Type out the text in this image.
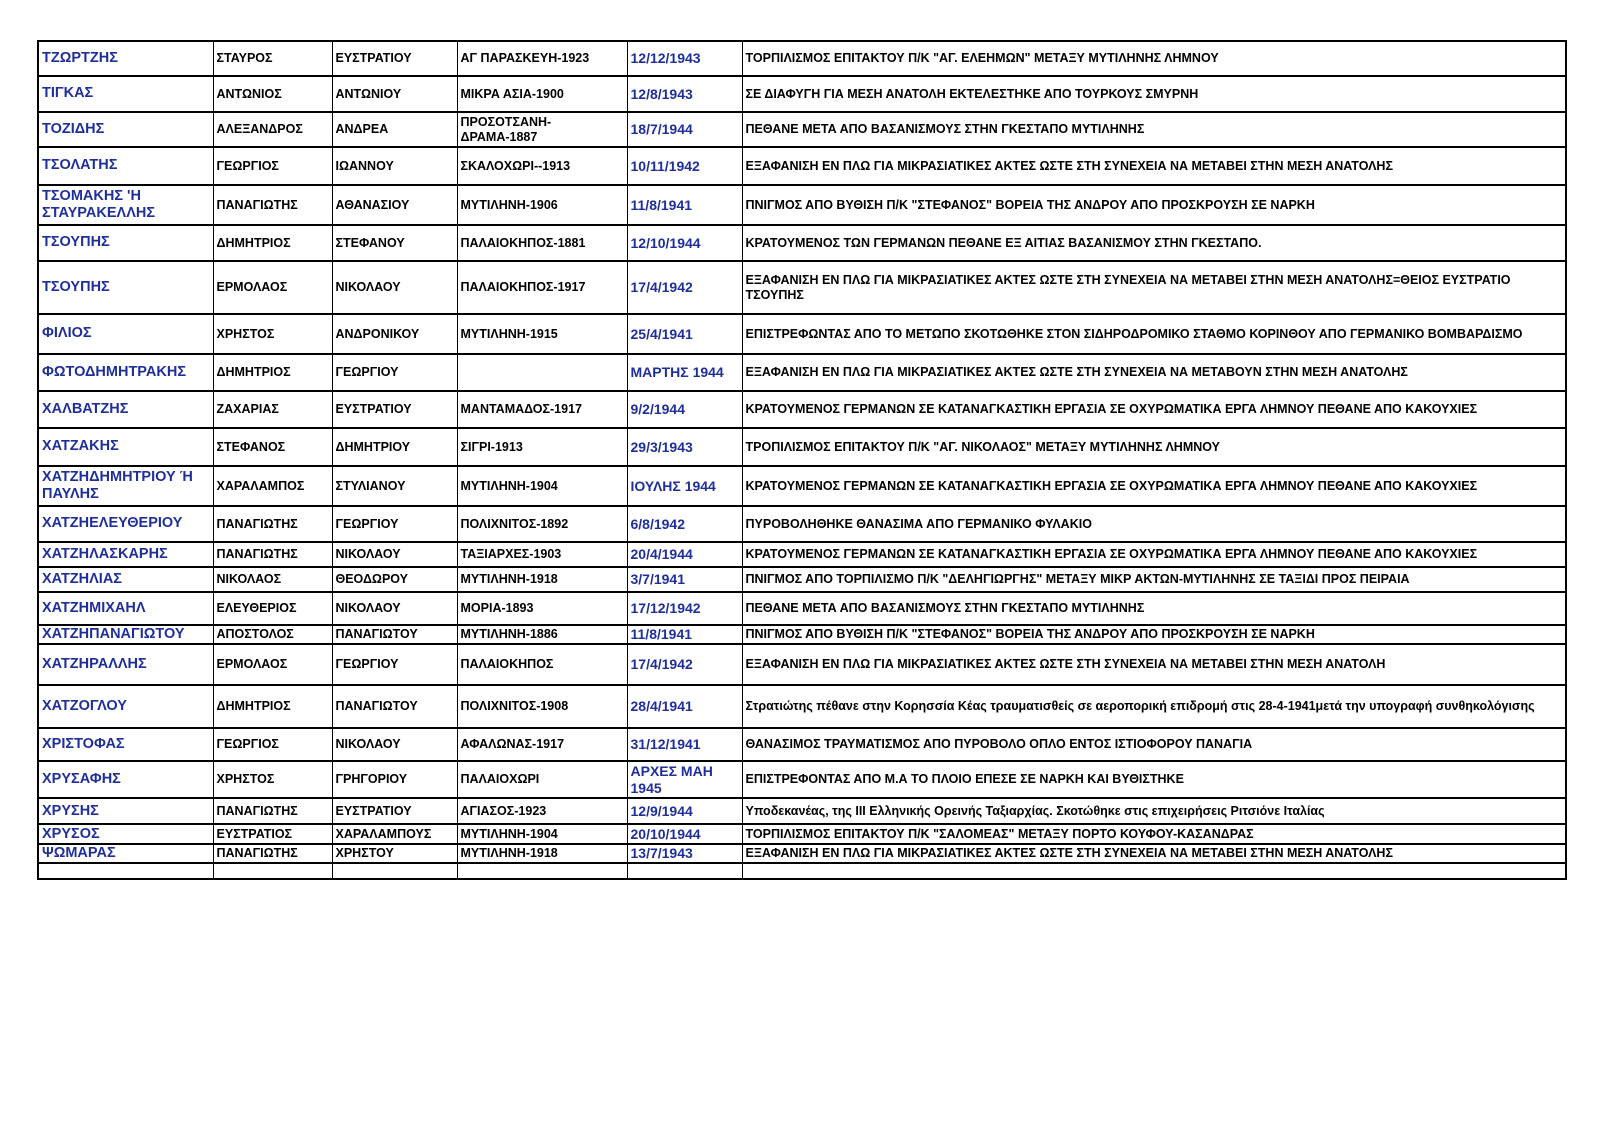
ΤΖΩΡΤΖΗΣ	ΣΤΑΥΡΟΣ	ΕΥΣΤΡΑΤΙΟΥ	ΑΓ ΠΑΡΑΣΚΕΥΗ-1923	12/12/1943	ΤΟΡΠΙΛΙΣΜΟΣ ΕΠΙΤΑΚΤΟΥ Π/Κ "ΑΓ. ΕΛΕΗΜΩΝ" ΜΕΤΑΞΥ ΜΥΤΙΛΗΝΗΣ ΛΗΜΝΟΥ
ΤΙΓΚΑΣ	ΑΝΤΩΝΙΟΣ	ΑΝΤΩΝΙΟΥ	ΜΙΚΡΑ ΑΣΙΑ-1900	12/8/1943	ΣΕ ΔΙΑΦΥΓΗ ΓΙΑ ΜΕΣΗ ΑΝΑΤΟΛΗ ΕΚΤΕΛΕΣΤΗΚΕ ΑΠΟ ΤΟΥΡΚΟΥΣ ΣΜΥΡΝΗ
ΤΟΖΙΔΗΣ	ΑΛΕΞΑΝΔΡΟΣ	ΑΝΔΡΕΑ	ΠΡΟΣΟΤΣΑΝΗ-ΔΡΑΜΑ-1887	18/7/1944	ΠΕΘΑΝΕ ΜΕΤΑ ΑΠΟ ΒΑΣΑΝΙΣΜΟΥΣ ΣΤΗΝ ΓΚΕΣΤΑΠΟ ΜΥΤΙΛΗΝΗΣ
ΤΣΟΛΑΤΗΣ	ΓΕΩΡΓΙΟΣ	ΙΩΑΝΝΟΥ	ΣΚΑΛΟΧΩΡΙ--1913	10/11/1942	ΕΞΑΦΑΝΙΣΗ ΕΝ ΠΛΩ ΓΙΑ ΜΙΚΡΑΣΙΑΤΙΚΕΣ ΑΚΤΕΣ ΩΣΤΕ ΣΤΗ ΣΥΝΕΧΕΙΑ ΝΑ ΜΕΤΑΒΕΙ ΣΤΗΝ ΜΕΣΗ ΑΝΑΤΟΛΗΣ
ΤΣΟΜΑΚΗΣ 'Η ΣΤΑΥΡΑΚΕΛΛΗΣ	ΠΑΝΑΓΙΩΤΗΣ	ΑΘΑΝΑΣΙΟΥ	ΜΥΤΙΛΗΝΗ-1906	11/8/1941	ΠΝΙΓΜΟΣ ΑΠΟ ΒΥΘΙΣΗ Π/Κ "ΣΤΕΦΑΝΟΣ" ΒΟΡΕΙΑ ΤΗΣ ΑΝΔΡΟΥ ΑΠΟ ΠΡΟΣΚΡΟΥΣΗ ΣΕ ΝΑΡΚΗ
ΤΣΟΥΠΗΣ	ΔΗΜΗΤΡΙΟΣ	ΣΤΕΦΑΝΟΥ	ΠΑΛΑΙΟΚΗΠΟΣ-1881	12/10/1944	ΚΡΑΤΟΥΜΕΝΟΣ ΤΩΝ ΓΕΡΜΑΝΩΝ ΠΕΘΑΝΕ ΕΞ ΑΙΤΙΑΣ ΒΑΣΑΝΙΣΜΟΥ ΣΤΗΝ ΓΚΕΣΤΑΠΟ.
ΤΣΟΥΠΗΣ	ΕΡΜΟΛΑΟΣ	ΝΙΚΟΛΑΟΥ	ΠΑΛΑΙΟΚΗΠΟΣ-1917	17/4/1942	ΕΞΑΦΑΝΙΣΗ ΕΝ ΠΛΩ ΓΙΑ ΜΙΚΡΑΣΙΑΤΙΚΕΣ ΑΚΤΕΣ ΩΣΤΕ ΣΤΗ ΣΥΝΕΧΕΙΑ ΝΑ ΜΕΤΑΒΕΙ ΣΤΗΝ ΜΕΣΗ ΑΝΑΤΟΛΗΣ=ΘΕΙΟΣ ΕΥΣΤΡΑΤΙΟ ΤΣΟΥΠΗΣ
ΦΙΛΙΟΣ	ΧΡΗΣΤΟΣ	ΑΝΔΡΟΝΙΚΟΥ	ΜΥΤΙΛΗΝΗ-1915	25/4/1941	ΕΠΙΣΤΡΕΦΩΝΤΑΣ ΑΠΟ ΤΟ ΜΕΤΩΠΟ ΣΚΟΤΩΘΗΚΕ ΣΤΟΝ ΣΙΔΗΡΟΔΡΟΜΙΚΟ ΣΤΑΘΜΟ ΚΟΡΙΝΘΟΥ ΑΠΟ ΓΕΡΜΑΝΙΚΟ ΒΟΜΒΑΡΔΙΣΜΟ
ΦΩΤΟΔΗΜΗΤΡΑΚΗΣ	ΔΗΜΗΤΡΙΟΣ	ΓΕΩΡΓΙΟΥ		ΜΑΡΤΗΣ 1944	ΕΞΑΦΑΝΙΣΗ ΕΝ ΠΛΩ ΓΙΑ ΜΙΚΡΑΣΙΑΤΙΚΕΣ ΑΚΤΕΣ ΩΣΤΕ ΣΤΗ ΣΥΝΕΧΕΙΑ ΝΑ ΜΕΤΑΒΟΥΝ ΣΤΗΝ ΜΕΣΗ ΑΝΑΤΟΛΗΣ
ΧΑΛΒΑΤΖΗΣ	ΖΑΧΑΡΙΑΣ	ΕΥΣΤΡΑΤΙΟΥ	ΜΑΝΤΑΜΑΔΟΣ-1917	9/2/1944	ΚΡΑΤΟΥΜΕΝΟΣ ΓΕΡΜΑΝΩΝ ΣΕ ΚΑΤΑΝΑΓΚΑΣΤΙΚΗ ΕΡΓΑΣΙΑ ΣΕ ΟΧΥΡΩΜΑΤΙΚΑ ΕΡΓΑ ΛΗΜΝΟΥ ΠΕΘΑΝΕ ΑΠΟ ΚΑΚΟΥΧΙΕΣ
ΧΑΤΖΑΚΗΣ	ΣΤΕΦΑΝΟΣ	ΔΗΜΗΤΡΙΟΥ	ΣΙΓΡΙ-1913	29/3/1943	ΤΡΟΠΙΛΙΣΜΟΣ ΕΠΙΤΑΚΤΟΥ Π/Κ "ΑΓ. ΝΙΚΟΛΑΟΣ" ΜΕΤΑΞΥ ΜΥΤΙΛΗΝΗΣ ΛΗΜΝΟΥ
ΧΑΤΖΗΔΗΜΗΤΡΙΟΥ Ή ΠΑΥΛΗΣ	ΧΑΡΑΛΑΜΠΟΣ	ΣΤΥΛΙΑΝΟΥ	ΜΥΤΙΛΗΝΗ-1904	ΙΟΥΛΗΣ 1944	ΚΡΑΤΟΥΜΕΝΟΣ ΓΕΡΜΑΝΩΝ ΣΕ ΚΑΤΑΝΑΓΚΑΣΤΙΚΗ ΕΡΓΑΣΙΑ ΣΕ ΟΧΥΡΩΜΑΤΙΚΑ ΕΡΓΑ ΛΗΜΝΟΥ ΠΕΘΑΝΕ ΑΠΟ ΚΑΚΟΥΧΙΕΣ
ΧΑΤΖΗΕΛΕΥΘΕΡΙΟΥ	ΠΑΝΑΓΙΩΤΗΣ	ΓΕΩΡΓΙΟΥ	ΠΟΛΙΧΝΙΤΟΣ-1892	6/8/1942	ΠΥΡΟΒΟΛΗΘΗΚΕ ΘΑΝΑΣΙΜΑ ΑΠΟ ΓΕΡΜΑΝΙΚΟ ΦΥΛΑΚΙΟ
ΧΑΤΖΗΛΑΣΚΑΡΗΣ	ΠΑΝΑΓΙΩΤΗΣ	ΝΙΚΟΛΑΟΥ	ΤΑΞΙΑΡΧΕΣ-1903	20/4/1944	ΚΡΑΤΟΥΜΕΝΟΣ ΓΕΡΜΑΝΩΝ ΣΕ ΚΑΤΑΝΑΓΚΑΣΤΙΚΗ ΕΡΓΑΣΙΑ ΣΕ ΟΧΥΡΩΜΑΤΙΚΑ ΕΡΓΑ ΛΗΜΝΟΥ ΠΕΘΑΝΕ ΑΠΟ ΚΑΚΟΥΧΙΕΣ
ΧΑΤΖΗΛΙΑΣ	ΝΙΚΟΛΑΟΣ	ΘΕΟΔΩΡΟΥ	ΜΥΤΙΛΗΝΗ-1918	3/7/1941	ΠΝΙΓΜΟΣ ΑΠΟ ΤΟΡΠΙΛΙΣΜΟ Π/Κ "ΔΕΛΗΓΙΩΡΓΗΣ" ΜΕΤΑΞΥ ΜΙΚΡ ΑΚΤΩΝ-ΜΥΤΙΛΗΝΗΣ ΣΕ ΤΑΞΙΔΙ ΠΡΟΣ ΠΕΙΡΑΙΑ
ΧΑΤΖΗΜΙΧΑΗΛ	ΕΛΕΥΘΕΡΙΟΣ	ΝΙΚΟΛΑΟΥ	ΜΟΡΙΑ-1893	17/12/1942	ΠΕΘΑΝΕ ΜΕΤΑ ΑΠΟ ΒΑΣΑΝΙΣΜΟΥΣ ΣΤΗΝ ΓΚΕΣΤΑΠΟ ΜΥΤΙΛΗΝΗΣ
ΧΑΤΖΗΠΑΝΑΓΙΩΤΟΥ	ΑΠΟΣΤΟΛΟΣ	ΠΑΝΑΓΙΩΤΟΥ	ΜΥΤΙΛΗΝΗ-1886	11/8/1941	ΠΝΙΓΜΟΣ ΑΠΟ ΒΥΘΙΣΗ Π/Κ "ΣΤΕΦΑΝΟΣ" ΒΟΡΕΙΑ ΤΗΣ ΑΝΔΡΟΥ ΑΠΟ ΠΡΟΣΚΡΟΥΣΗ ΣΕ ΝΑΡΚΗ
ΧΑΤΖΗΡΑΛΛΗΣ	ΕΡΜΟΛΑΟΣ	ΓΕΩΡΓΙΟΥ	ΠΑΛΑΙΟΚΗΠΟΣ	17/4/1942	ΕΞΑΦΑΝΙΣΗ ΕΝ ΠΛΩ ΓΙΑ ΜΙΚΡΑΣΙΑΤΙΚΕΣ ΑΚΤΕΣ ΩΣΤΕ ΣΤΗ ΣΥΝΕΧΕΙΑ ΝΑ ΜΕΤΑΒΕΙ ΣΤΗΝ ΜΕΣΗ ΑΝΑΤΟΛΗ
ΧΑΤΖΟΓΛΟΥ	ΔΗΜΗΤΡΙΟΣ	ΠΑΝΑΓΙΩΤΟΥ	ΠΟΛΙΧΝΙΤΟΣ-1908	28/4/1941	Στρατιώτης πέθανε στην Κορησσία Κέας τραυματισθείς σε αεροπορική επιδρομή στις 28-4-1941μετά την υπογραφή συνθηκολόγισης
ΧΡΙΣΤΟΦΑΣ	ΓΕΩΡΓΙΟΣ	ΝΙΚΟΛΑΟΥ	ΑΦΑΛΩΝΑΣ-1917	31/12/1941	ΘΑΝΑΣΙΜΟΣ ΤΡΑΥΜΑΤΙΣΜΟΣ ΑΠΟ ΠΥΡΟΒΟΛΟ ΟΠΛΟ ΕΝΤΟΣ ΙΣΤΙΟΦΟΡΟΥ ΠΑΝΑΓΙΑ
ΧΡΥΣΑΦΗΣ	ΧΡΗΣΤΟΣ	ΓΡΗΓΟΡΙΟΥ	ΠΑΛΑΙΟΧΩΡΙ	ΑΡΧΕΣ ΜΑΗ 1945	ΕΠΙΣΤΡΕΦΟΝΤΑΣ ΑΠΟ Μ.Α ΤΟ ΠΛΟΙΟ ΕΠΕΣΕ ΣΕ ΝΑΡΚΗ ΚΑΙ ΒΥΘΙΣΤΗΚΕ
ΧΡΥΣΗΣ	ΠΑΝΑΓΙΩΤΗΣ	ΕΥΣΤΡΑΤΙΟΥ	ΑΓΙΑΣΟΣ-1923	12/9/1944	Υποδεκανέας, της ΙΙΙ Ελληνικής Ορεινής Ταξιαρχίας. Σκοτώθηκε στις επιχειρήσεις Ριτσιόνε Ιταλίας
ΧΡΥΣΟΣ	ΕΥΣΤΡΑΤΙΟΣ	ΧΑΡΑΛΑΜΠΟΥΣ	ΜΥΤΙΛΗΝΗ-1904	20/10/1944	ΤΟΡΠΙΛΙΣΜΟΣ ΕΠΙΤΑΚΤΟΥ Π/Κ "ΣΑΛΟΜΕΑΣ" ΜΕΤΑΞΥ ΠΟΡΤΟ ΚΟΥΦΟΥ-ΚΑΣΑΝΔΡΑΣ
ΨΩΜΑΡΑΣ	ΠΑΝΑΓΙΩΤΗΣ	ΧΡΗΣΤΟΥ	ΜΥΤΙΛΗΝΗ-1918	13/7/1943	ΕΞΑΦΑΝΙΣΗ ΕΝ ΠΛΩ ΓΙΑ ΜΙΚΡΑΣΙΑΤΙΚΕΣ ΑΚΤΕΣ ΩΣΤΕ ΣΤΗ ΣΥΝΕΧΕΙΑ ΝΑ ΜΕΤΑΒΕΙ ΣΤΗΝ ΜΕΣΗ ΑΝΑΤΟΛΗΣ
